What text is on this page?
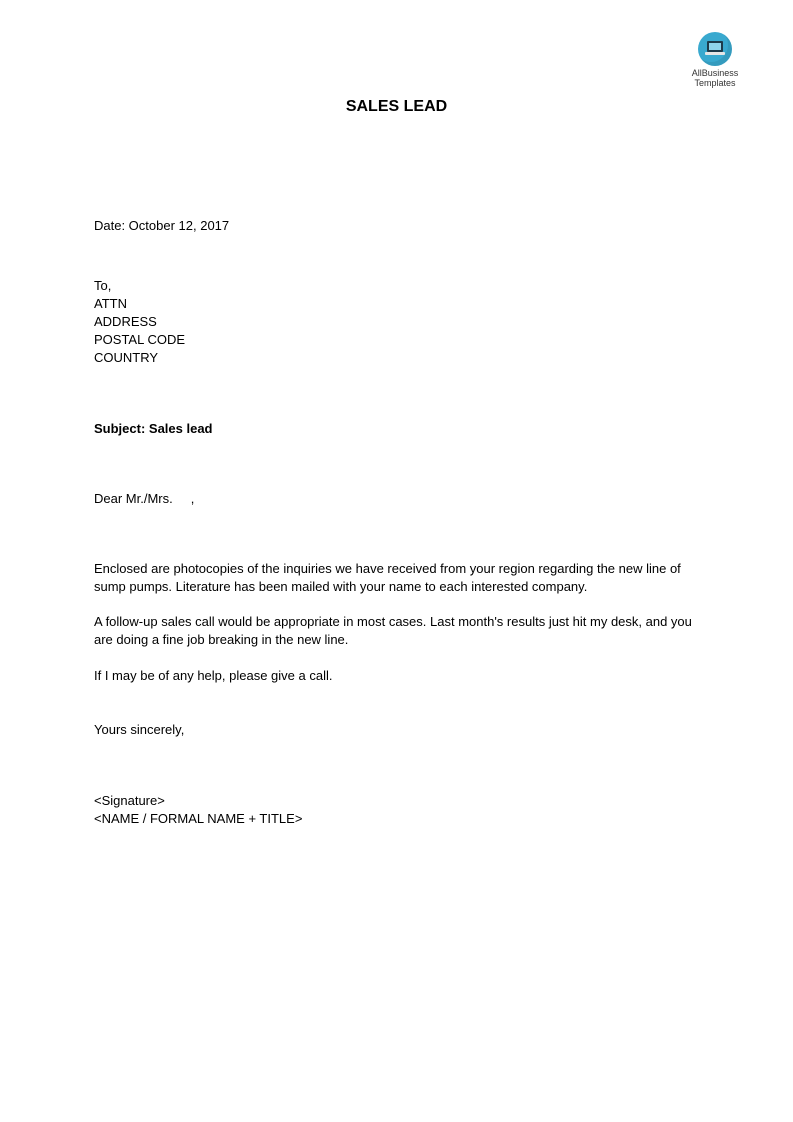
AllBusiness
Templates
SALES LEAD
Date: October 12, 2017
To,
ATTN
ADDRESS
POSTAL CODE
COUNTRY
Subject: Sales lead
Dear Mr./Mrs.     ,
Enclosed are photocopies of the inquiries we have received from your region regarding the new line of sump pumps. Literature has been mailed with your name to each interested company.
A follow-up sales call would be appropriate in most cases. Last month's results just hit my desk, and you are doing a fine job breaking in the new line.
If I may be of any help, please give a call.
Yours sincerely,
<Signature>
<NAME / FORMAL NAME + TITLE>
